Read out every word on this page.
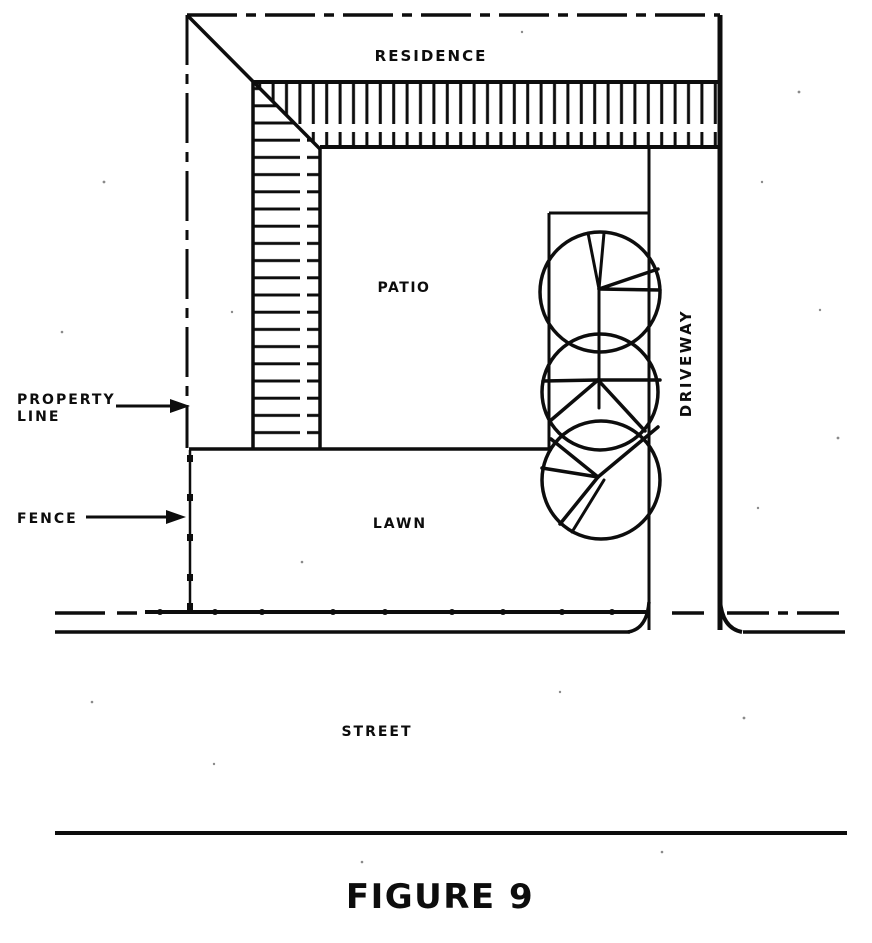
RESIDENCE
PATIO
DRIVEWAY
LAWN
STREET
PROPERTY
LINE
FENCE
FIGURE 9
